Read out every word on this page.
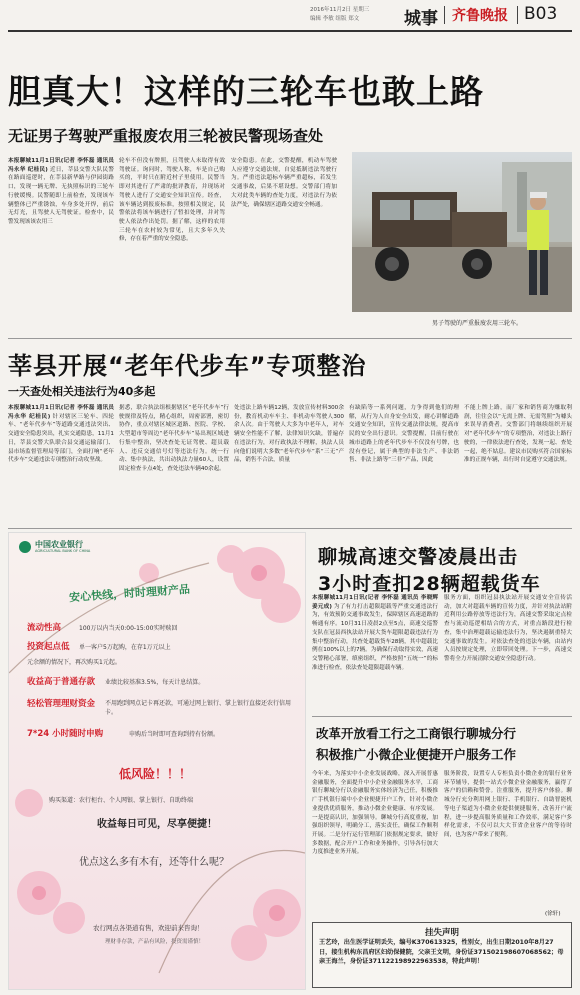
2016年11月2日 星期三
编辑 李敏 组版 郑文	城事 齐鲁晚报 B03
胆真大！这样的三轮车也敢上路
无证男子驾驶严重报废农用三轮被民警现场查处
本报聊城11月1日讯(记者 李怀磊 通讯员 冯永华 纪桂民) 近日，莘县交警大队民警在路面巡逻时，在莘县新华路与伊园街路口，发现一辆无牌、无执照标识的三轮车行驶缓慢。民警随即上前检查，发现该车辆整体已严重锈蚀，车身多处开焊，前后无灯光，且驾驶人无驾驶证。检查中，民警发现该该农用三
轮车不但没有牌照，且驾驶人未取得有效驾驶证。询问时，驾驶人称，车是自己购买的，平时只在附近村子里使用。民警当即对其进行了严肃的批评教育，并现场对驾驶人进行了交通安全知识宣传。经查，该车辆达到报废标准，按照相关规定，民警依法将该车辆进行了暂扣处理，并对驾驶人依法作出处罚。据了解，这样的农用三轮车在农村较为常见，且大多年久失修，存在着严重的安全隐患。
安全隐患。在此，交警提醒，机动车驾驶人应遵守交通法规，自觉抵制违法驾驶行为。严重违法超标车辆严重超标，若发生交通事故，后果不堪设想。交警部门将加大对此类车辆的查处力度，对违法行为依法严处，确保辖区道路交通安全畅通。
男子驾驶的严重报废农用三轮车。
莘县开展“老年代步车”专项整治
一天查处相关违法行为40多起
本报聊城11月1日讯(记者 李怀磊 通讯员 冯永华 纪桂民) 针对辖区三轮车、四轮车、“老年代步车”等道路交通违法突出、交通安全隐患突出，扎实交通隐患，11月1日，莘县交警大队联合县交通运输部门、县市场监督管理局等部门，全面打响“老年代步车”交通违法专项整治行动攻坚战。
据悉，联合执法组根据辖区“老年代步车”行驶规律及特点，精心组织，周密部署，密切协作，重点对辖区城区道路、医院、学校、大型超市等周边“老年代步车”易出现区域进行集中整治，坚决查处无证驾驶、超员载人、违反交通信号灯等违法行为。统一行动、集中执法，共出动执法力量60人，设置固定检查卡点4处，查处违法车辆40余起。
处违法上路车辆12辆，发放宣传材料300余份，教育机动车车主、非机动车驾驶人300余人次。由于驾驶人大多为中老年人，对车辆安全性能不了解，法律知识欠缺，普遍存在违法行为，对行政执法不理解，执法人员向他们说明大多数“老年代步车”系“三无”产品，销售不合法，质量
有缺陷等一系列问题，力争得到他们的理解，从行为人自身安全出发，耐心讲解道路交通安全知识，宣传交通法律法规，提高市民的安全出行意识。交警提醒，目前行驶在城市道路上的老年代步车不仅没有号牌，也没有登记，属于典型的非法生产、非法销售、非法上路等“三非”产品，因此
不能上牌上路，而厂家和销售商为赚取利润，往往会以“无需上牌、无需驾照”为噱头来误导消费者。交警部门将继续组织开展对“老年代步车”的专项整治，对违法上路行驶的，一律依法进行查处，发现一起、查处一起，绝不姑息。建议市民购买符合国家标准的正规车辆，出行时自觉遵守交通法规。
中国农业银行
AGRICULTURAL BANK OF CHINA
安心快线，时时理财产品
流动性高	100万以内当天0:00-15:00实时赎回
投资起点低 单一客户5万起购，在存1万元以上
元余额的情况下，再次购买1元起。
收益高于普通存款 业绩比较基准3.5%，每天计息结算。
轻松管理理财资金 不用跑到网点记卡再还款，可通过网上银行、掌上银行直接还农行信用卡。
7*24 小时随时申购	申购后当时即可查询到持有份额。
低风险！！！
购买渠道：农行柜台、个人网银、掌上银行、自助终端
收益每日可见，尽享便捷！
优点这么多有木有，还等什么呢？
农行网点各渠道有售，欢迎前来咨询！
理财非存款，产品有风险，投资需谨慎！
聊城高速交警凌晨出击
3小时查扣28辆超载货车
本报聊城11月1日讯(记者 李怀磊 通讯员 李晓辉 姜元成) 为了有力打击超限超载等严重交通违法行为，有效预防交通事故发生，保障辖区高速道路的畅通有序。10月31日凌晨2点至5点，高速交巡警支队在冠县西执法站开展大货车超限超载违法行为集中整治行动，共查处超载货车28辆，其中超载比例在100%以上的7辆。为确保行动取得实效，高速交警精心部署，缜密组织，严格按照“五统一”的标准进行检查，依法查处超限超载车辆。
服务方面，组织冠县执法站开展交通安全宣传活动，加大对超载车辆的宣传力度，并针对执法站附近利用公路停放等违法行为，高速交警采取定点检查与流动巡逻相结合的方式，对重点路段进行检查，集中治理超载运输违法行为，坚决遏制重特大交通事故的发生。对依法查处的违法车辆，由站内人员按规定处理，立即带回处理。下一步，高速交警将全力开展清除交通安全隐患行动。
改革开放看工行之工商银行聊城分行
积极推广小微企业便捷开户服务工作
今年来，为落实中小企业发展战略，深入开展普惠金融服务，全面提升中小企业金融服务水平，工商银行聊城分行以金融服务实体经济为己任，积极推广手机银行端中小企业便捷开户工作，针对小微企业提供优质服务，推动小微企业健康、有序发展。一是提高认识，加强领导。聊城分行高度重视，加强组织领导，明确分工，落实责任，确保工作顺利开展。二是分行运行管理部门依据规定要求，做好多数据，配合开户工作和业务操作，引导各行加大力度推进业务开展。
服务阶段，设置专人专柜负责小微企业的银行业务环节辅导，提供一站式小微企业金融服务，赢得了客户的信赖和赞誉。注重服务，提升客户体验。聊城分行充分利用网上银行、手机银行、自助智能机等电子渠道为小微企业提供便捷服务，改善开户流程，进一步提高服务质量和工作效率，满足客户多样化需求，不仅可以大大节省企业客户的等待时间，也为客户带来了便利。
(徐轩)
挂失声明
王艺玲，出生医学证明丢失，编号K370613325，性别女，出生日期2010年8月27日，接生机构东昌府区妇幼保健院，父亲王文明，身份证371502198607068562；母亲王海兰，身份证371122198922963538，特此声明！
